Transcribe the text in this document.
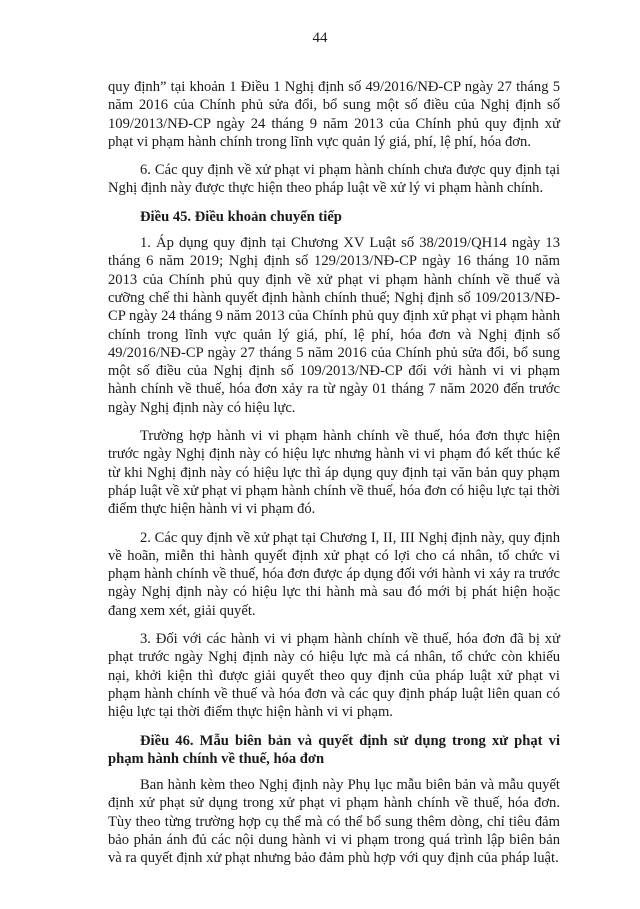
44

quy định” tại khoản 1 Điều 1 Nghị định số 49/2016/NĐ-CP ngày 27 tháng 5 năm 2016 của Chính phủ sửa đổi, bổ sung một số điều của Nghị định số 109/2013/NĐ-CP ngày 24 tháng 9 năm 2013 của Chính phủ quy định xử phạt vi phạm hành chính trong lĩnh vực quản lý giá, phí, lệ phí, hóa đơn.

6. Các quy định về xử phạt vi phạm hành chính chưa được quy định tại Nghị định này được thực hiện theo pháp luật về xử lý vi phạm hành chính.

Điều 45. Điều khoản chuyển tiếp

1. Áp dụng quy định tại Chương XV Luật số 38/2019/QH14 ngày 13 tháng 6 năm 2019; Nghị định số 129/2013/NĐ-CP ngày 16 tháng 10 năm 2013 của Chính phủ quy định về xử phạt vi phạm hành chính về thuế và cưỡng chế thi hành quyết định hành chính thuế; Nghị định số 109/2013/NĐ-CP ngày 24 tháng 9 năm 2013 của Chính phủ quy định xử phạt vi phạm hành chính trong lĩnh vực quản lý giá, phí, lệ phí, hóa đơn và Nghị định số 49/2016/NĐ-CP ngày 27 tháng 5 năm 2016 của Chính phủ sửa đổi, bổ sung một số điều của Nghị định số 109/2013/NĐ-CP đối với hành vi vi phạm hành chính về thuế, hóa đơn xảy ra từ ngày 01 tháng 7 năm 2020 đến trước ngày Nghị định này có hiệu lực.

Trường hợp hành vi vi phạm hành chính về thuế, hóa đơn thực hiện trước ngày Nghị định này có hiệu lực nhưng hành vi vi phạm đó kết thúc kể từ khi Nghị định này có hiệu lực thì áp dụng quy định tại văn bản quy phạm pháp luật về xử phạt vi phạm hành chính về thuế, hóa đơn có hiệu lực tại thời điểm thực hiện hành vi vi phạm đó.

2. Các quy định về xử phạt tại Chương I, II, III Nghị định này, quy định về hoãn, miễn thi hành quyết định xử phạt có lợi cho cá nhân, tổ chức vi phạm hành chính về thuế, hóa đơn được áp dụng đối với hành vi xảy ra trước ngày Nghị định này có hiệu lực thi hành mà sau đó mới bị phát hiện hoặc đang xem xét, giải quyết.

3. Đối với các hành vi vi phạm hành chính về thuế, hóa đơn đã bị xử phạt trước ngày Nghị định này có hiệu lực mà cá nhân, tổ chức còn khiếu nại, khởi kiện thì được giải quyết theo quy định của pháp luật xử phạt vi phạm hành chính về thuế và hóa đơn và các quy định pháp luật liên quan có hiệu lực tại thời điểm thực hiện hành vi vi phạm.

Điều 46. Mẫu biên bản và quyết định sử dụng trong xử phạt vi phạm hành chính về thuế, hóa đơn

Ban hành kèm theo Nghị định này Phụ lục mẫu biên bản và mẫu quyết định xử phạt sử dụng trong xử phạt vi phạm hành chính về thuế, hóa đơn. Tùy theo từng trường hợp cụ thể mà có thể bổ sung thêm dòng, chỉ tiêu đảm bảo phản ánh đủ các nội dung hành vi vi phạm trong quá trình lập biên bản và ra quyết định xử phạt nhưng bảo đảm phù hợp với quy định của pháp luật.
